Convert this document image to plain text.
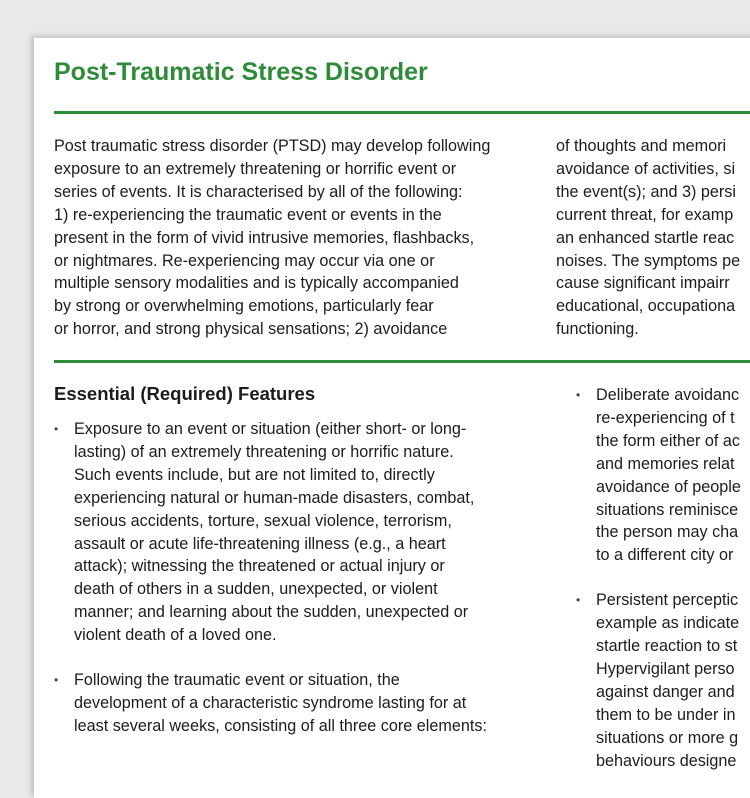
Post-Traumatic Stress Disorder
Post traumatic stress disorder (PTSD) may develop following
exposure to an extremely threatening or horrific event or
series of events. It is characterised by all of the following:
1) re-experiencing the traumatic event or events in the
present in the form of vivid intrusive memories, flashbacks,
or nightmares. Re-experiencing may occur via one or
multiple sensory modalities and is typically accompanied
by strong or overwhelming emotions, particularly fear
or horror, and strong physical sensations; 2) avoidance
of thoughts and memori
avoidance of activities, si
the event(s); and 3) persi
current threat, for examp
an enhanced startle reac
noises. The symptoms pe
cause significant impairr
educational, occupationa
functioning.
Essential (Required) Features
• Exposure to an event or situation (either short- or long-
lasting) of an extremely threatening or horrific nature.
Such events include, but are not limited to, directly
experiencing natural or human-made disasters, combat,
serious accidents, torture, sexual violence, terrorism,
assault or acute life-threatening illness (e.g., a heart
attack); witnessing the threatened or actual injury or
death of others in a sudden, unexpected, or violent
manner; and learning about the sudden, unexpected or
violent death of a loved one.
• Following the traumatic event or situation, the
development of a characteristic syndrome lasting for at
least several weeks, consisting of all three core elements:
• Deliberate avoidanc
re-experiencing of t
the form either of ac
and memories relat
avoidance of people
situations reminisce
the person may cha
to a different city or
• Persistent perceptic
example as indicate
startle reaction to st
Hypervigilant perso
against danger and
them to be under in
situations or more g
behaviours designe
